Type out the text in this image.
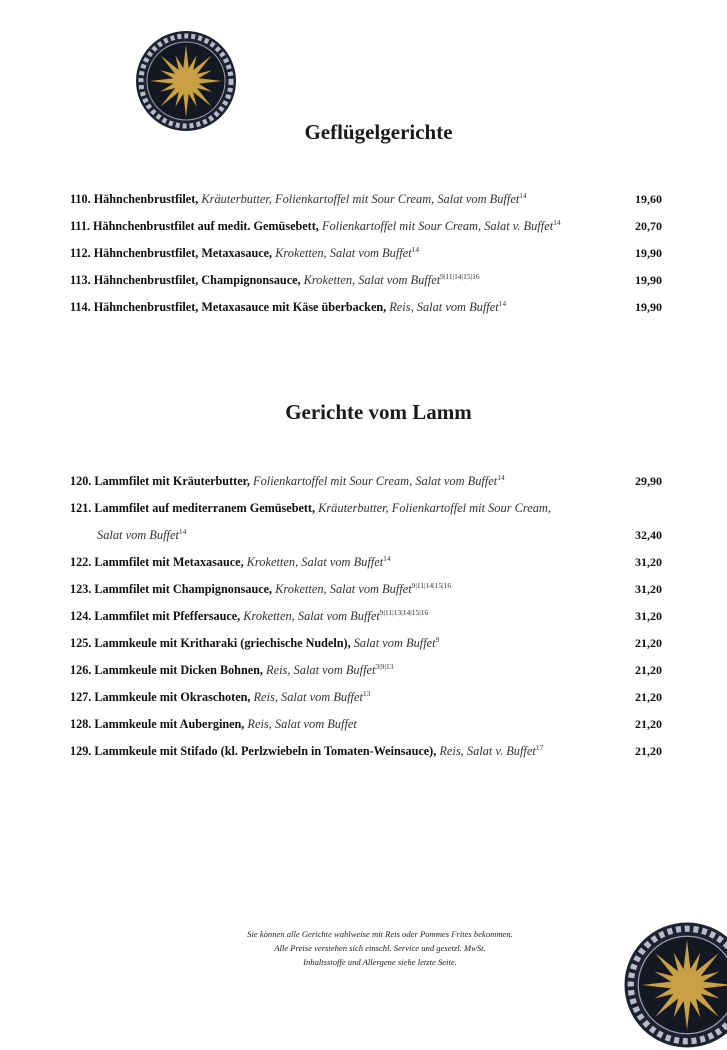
Geflügelgerichte
110. Hähnchenbrustfilet, Kräuterbutter, Folienkartoffel mit Sour Cream, Salat vom Buffet$^{14}$	19,60
111. Hähnchenbrustfilet auf medit. Gemüsebett, Folienkartoffel mit Sour Cream, Salat v. Buffet$^{14}$	20,70
112. Hähnchenbrustfilet, Metaxasauce, Kroketten, Salat vom Buffet$^{14}$	19,90
113. Hähnchenbrustfilet, Champignonsauce, Kroketten, Salat vom Buffet$^{9|11|14|15|16}$	19,90
114. Hähnchenbrustfilet, Metaxasauce mit Käse überbacken, Reis, Salat vom Buffet$^{14}$	19,90
Gerichte vom Lamm
120. Lammfilet mit Kräuterbutter, Folienkartoffel mit Sour Cream, Salat vom Buffet$^{14}$	29,90
121. Lammfilet auf mediterranem Gemüsebett, Kräuterbutter, Folienkartoffel mit Sour Cream,
Salat vom Buffet$^{14}$	32,40
122. Lammfilet mit Metaxasauce, Kroketten, Salat vom Buffet$^{14}$	31,20
123. Lammfilet mit Champignonsauce, Kroketten, Salat vom Buffet$^{9|11|14|15|16}$	31,20
124. Lammfilet mit Pfeffersauce, Kroketten, Salat vom Buffet$^{9|11|13|14|15|16}$	31,20
125. Lammkeule mit Kritharaki (griechische Nudeln), Salat vom Buffet$^9$	21,20
126. Lammkeule mit Dicken Bohnen, Reis, Salat vom Buffet$^{3|9|13}$	21,20
127. Lammkeule mit Okraschoten, Reis, Salat vom Buffet$^{13}$	21,20
128. Lammkeule mit Auberginen, Reis, Salat vom Buffet	21,20
129. Lammkeule mit Stifado (kl. Perlzwiebeln in Tomaten-Weinsauce), Reis, Salat v. Buffet$^{17}$	21,20
Sie können alle Gerichte wahlweise mit Reis oder Pommes Frites bekommen.
Alle Preise verstehen sich einschl. Service und gesetzl. MwSt.
Inhaltsstoffe und Allergene siehe letzte Seite.
